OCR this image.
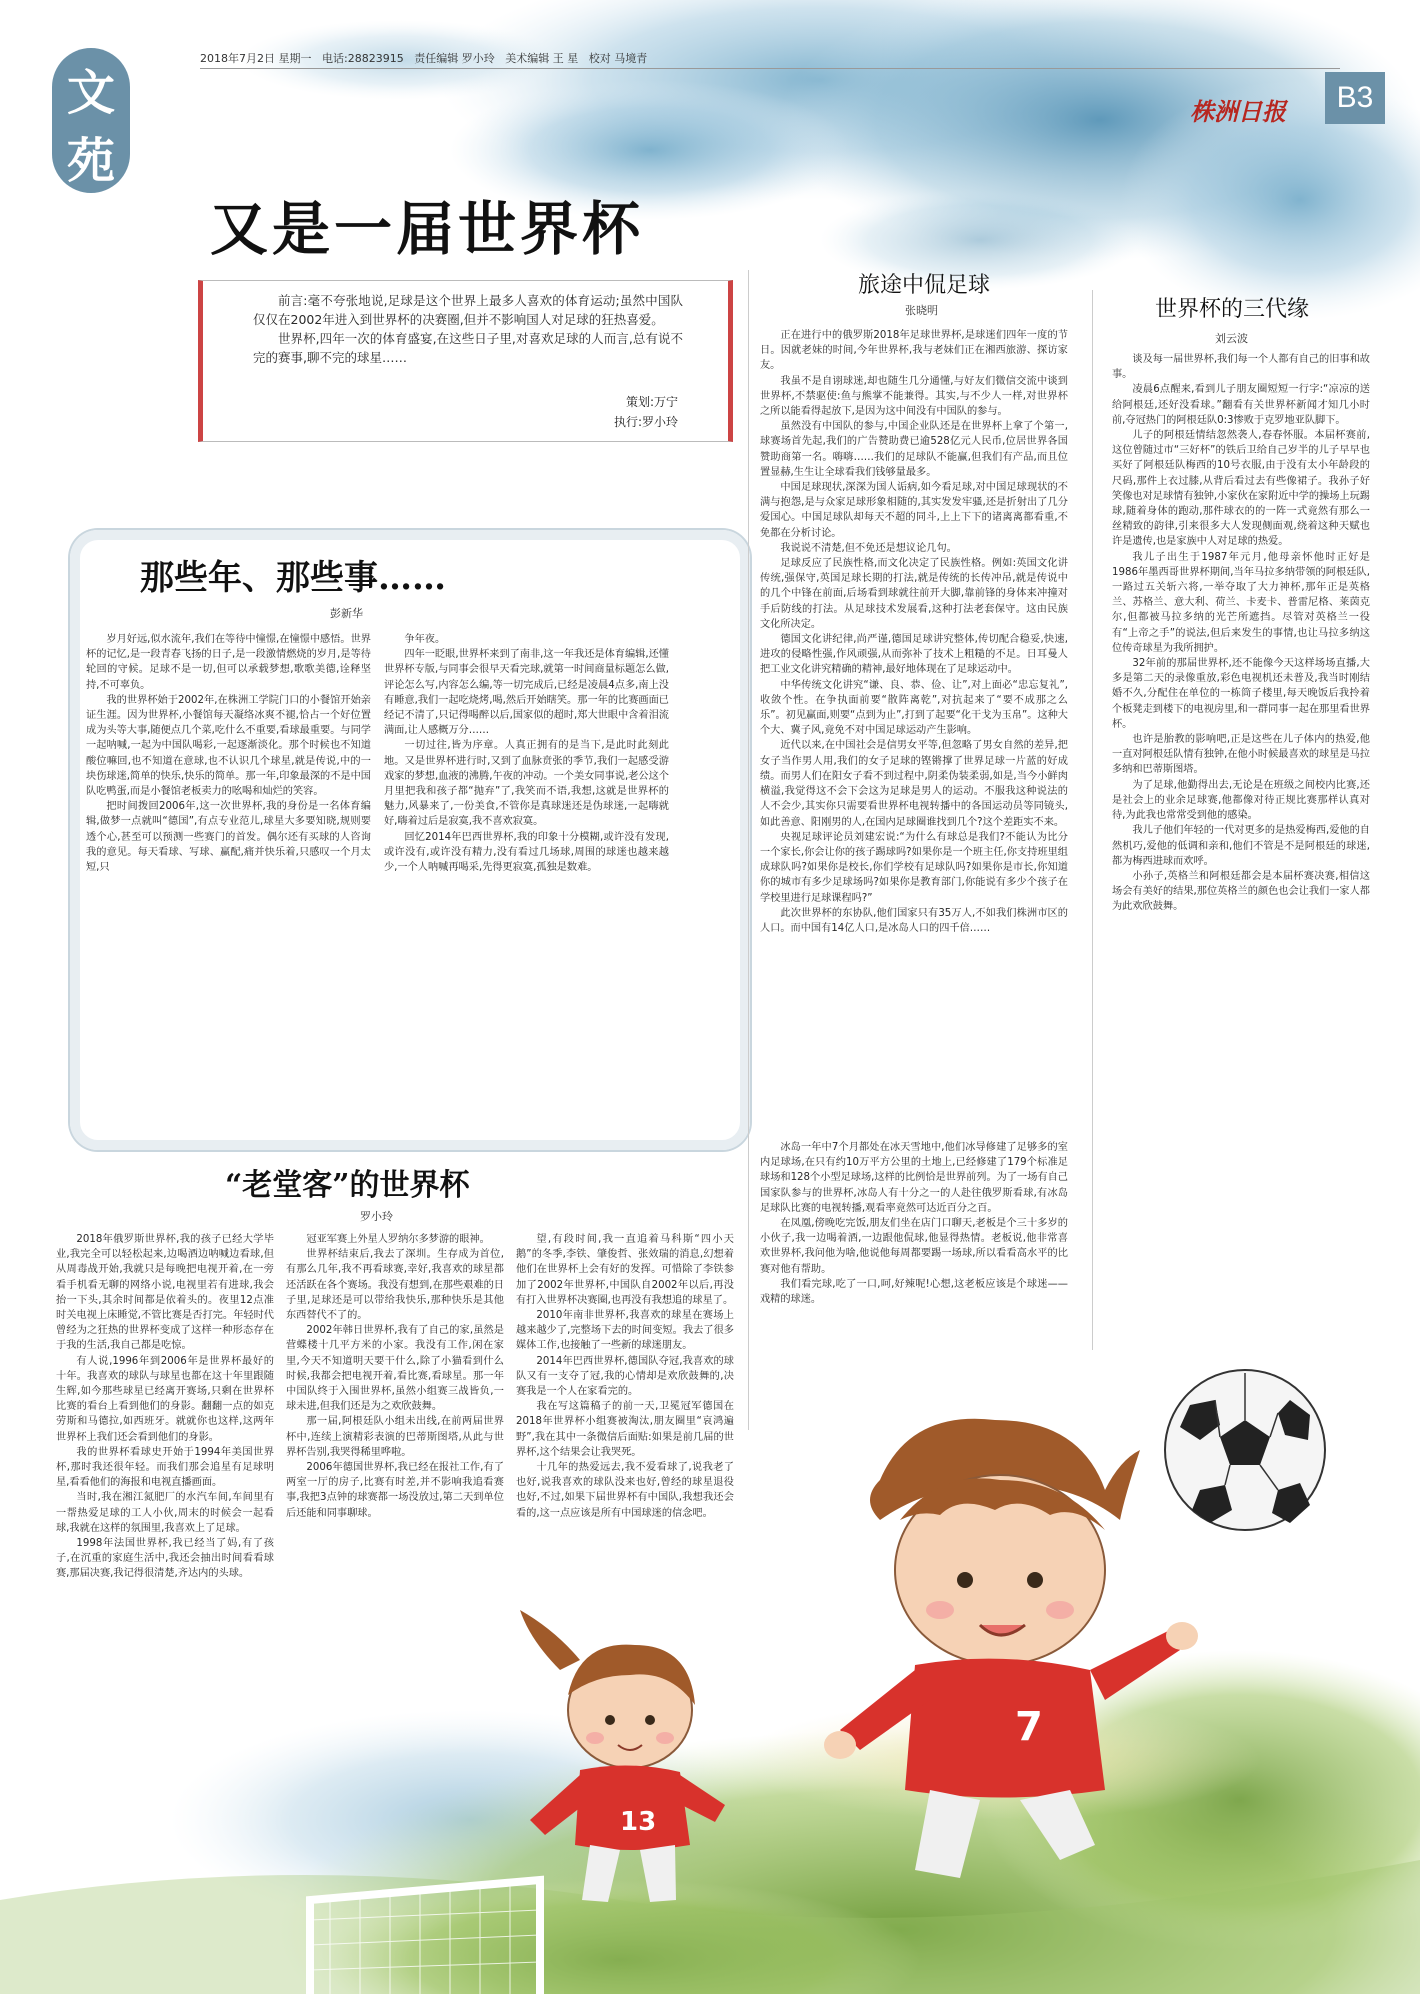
13
7
文
苑
2018年7月2日 星期一 电话:28823915 责任编辑 罗小玲 美术编辑 王 星 校对 马境青
株洲日报	B3
又是一届世界杯

前言:毫不夸张地说,足球是这个世界上最多人喜欢的体育运动;虽然中国队仅仅在2002年进入到世界杯的决赛圈,但并不影响国人对足球的狂热喜爱。

世界杯,四年一次的体育盛宴,在这些日子里,对喜欢足球的人而言,总有说不完的赛事,聊不完的球星……

策划:万宁
执行:罗小玲
那些年、那些事……
彭新华

岁月好远,似水流年,我们在等待中憧憬,在憧憬中感悟。世界杯的记忆,是一段青春飞扬的日子,是一段激情燃烧的岁月,是等待轮回的守候。足球不是一切,但可以承载梦想,歌歌美德,诠释坚持,不可辜负。

我的世界杯始于2002年,在株洲工学院门口的小餐馆开始亲证生涯。因为世界杯,小餐馆每天凝络冰爽不褪,恰占一个好位置成为头等大事,随便点几个菜,吃什么不重要,看球最重要。与同学一起呐喊,一起为中国队喝彩,一起逐渐淡化。那个时候也不知道酸位嘛回,也不知道在意球,也不认识几个球星,就是传说,中的一块伤球迷,简单的快乐,快乐的简单。那一年,印象最深的不是中国队吃鸭蛋,而是小餐馆老板卖力的吆喝和灿烂的笑容。

把时间拨回2006年,这一次世界杯,我的身份是一名体育编辑,做梦一点就叫“德国”,有点专业范儿,球星大多要知晓,规则要透个心,甚至可以预测一些赛门的首发。偶尔还有买球的人咨询我的意见。每天看球、写球、赢配,痛并快乐着,只感叹一个月太短,只

争年夜。

四年一眨眼,世界杯来到了南非,这一年我还是体育编辑,还懂世界杯专版,与同事会很早天看完球,就第一时间商量标题怎么做,评论怎么写,内容怎么编,等一切完成后,已经是凌晨4点多,南上没有睡意,我们一起吃烧烤,喝,然后开始瞎笑。那一年的比赛画面已经记不清了,只记得喝醉以后,国家似的超时,郑大世眼中含着泪流满面,让人感概万分……

一切过往,皆为序章。人真正拥有的是当下,是此时此刻此地。又是世界杯进行时,又到了血脉贲张的季节,我们一起感受游戏家的梦想,血液的沸腾,午夜的冲动。一个美女同事说,老公这个月里把我和孩子都“抛弃”了,我笑而不语,我想,这就是世界杯的魅力,风暴来了,一份美食,不管你是真球迷还是伪球迷,一起嗨就好,嗨着过后是寂寞,我不喜欢寂寞。

回忆2014年巴西世界杯,我的印象十分模糊,或许没有发现,或许没有,或许没有精力,没有看过几场球,周围的球迷也越来越少,一个人呐喊再喝采,先得更寂寞,孤独是数难。

“老堂客”的世界杯
罗小玲

2018年俄罗斯世界杯,我的孩子已经大学毕业,我完全可以轻松起来,边喝酒边呐喊边看球,但从周毒战开始,我就只是每晚把电视开着,在一旁看手机看无聊的网络小说,电视里若有进球,我会抬一下头,其余时间都是依着头的。夜里12点准时关电视上床睡觉,不管比赛是否打完。年轻时代曾经为之狂热的世界杯变成了这样一种形态存在于我的生活,我自己都是吃惊。

有人说,1996年到2006年是世界杯最好的十年。我喜欢的球队与球星也都在这十年里跟随生辉,如今那些球星已经离开赛场,只剩在世界杯比赛的看台上看到他们的身影。翻翻一点的如克劳斯和马德拉,如西班牙。就就你也这样,这两年世界杯上我们还会看到他们的身影。

我的世界杯看球史开始于1994年美国世界杯,那时我还很年轻。而我们那会追星有足球明星,看看他们的海报和电视直播画面。

当时,我在湘江氮肥厂的水汽车间,车间里有一帮热爱足球的工人小伙,周末的时候会一起看球,我就在这样的氛围里,我喜欢上了足球。

1998年法国世界杯,我已经当了妈,有了孩子,在沉重的家庭生活中,我还会抽出时间看看球赛,那届决赛,我记得很清楚,齐达内的头球。

冠亚军赛上外星人罗纳尔多梦游的眼神。

世界杯结束后,我去了深圳。生存成为首位,有那么几年,我不再看球赛,幸好,我喜欢的球星都还活跃在各个赛场。我没有想到,在那些艰难的日子里,足球还是可以带给我快乐,那种快乐是其他东西替代不了的。

2002年韩日世界杯,我有了自己的家,虽然是营蝶楼十几平方米的小家。我没有工作,闲在家里,今天不知道明天要干什么,除了小猫看到什么时候,我都会把电视开着,看比赛,看球星。那一年中国队终于入围世界杯,虽然小组赛三战皆负,一球未进,但我们还是为之欢欣鼓舞。

那一届,阿根廷队小组未出线,在前两届世界杯中,连续上演精彩表演的巴蒂斯图塔,从此与世界杯告别,我哭得稀里哗啦。

2006年德国世界杯,我已经在报社工作,有了两室一厅的房子,比赛有时差,并不影响我追看赛事,我把3点钟的球赛都一场没放过,第二天到单位后还能和同事聊球。

望,有段时间,我一直追着马科斯“四小天鹅”的冬季,李铁、肇俊哲、张效瑞的消息,幻想着他们在世界杯上会有好的发挥。可惜除了李铁参加了2002年世界杯,中国队自2002年以后,再没有打入世界杯决赛圈,也再没有我想追的球星了。

2010年南非世界杯,我喜欢的球星在赛场上越来越少了,完整场下去的时间变短。我去了很多媒体工作,也接触了一些新的球迷朋友。

2014年巴西世界杯,德国队夺冠,我喜欢的球队又有一支夺了冠,我的心情却是欢欣鼓舞的,决赛我是一个人在家看完的。

我在写这篇稿子的前一天,卫冕冠军德国在2018年世界杯小组赛被淘汰,朋友圈里“哀鸿遍野”,我在其中一条微信后面贴:如果是前几届的世界杯,这个结果会让我哭死。

十几年的热爱远去,我不爱看球了,说我老了也好,说我喜欢的球队没来也好,曾经的球星退役也好,不过,如果下届世界杯有中国队,我想我还会看的,这一点应该是所有中国球迷的信念吧。

旅途中侃足球
张晓明

正在进行中的俄罗斯2018年足球世界杯,是球迷们四年一度的节日。因就老妹的时间,今年世界杯,我与老妹们正在湘西旅游、探访家友。

我虽不是自诩球迷,却也随生几分通懂,与好友们微信交流中谈到世界杯,不禁驱使:鱼与熊掌不能兼得。其实,与不少人一样,对世界杯之所以能看得起放下,是因为这中间没有中国队的参与。

虽然没有中国队的参与,中国企业队还是在世界杯上拿了个第一,球赛场首先起,我们的广告赞助费已逾528亿元人民币,位居世界各国赞助商第一名。嗨嗨……我们的足球队不能赢,但我们有产品,而且位置显赫,生生让全球看我们钱够量最多。

中国足球现状,深深为国人诟病,如今看足球,对中国足球现状的不满与抱怨,是与众家足球形象相随的,其实发发牢骚,还是折射出了几分爱国心。中国足球队却每天不超的同斗,上上下下的诸离离都看重,不免都在分析讨论。

我说说不清楚,但不免还是想议论几句。

足球反应了民族性格,而文化决定了民族性格。例如:英国文化讲传统,强保守,英国足球长期的打法,就是传统的长传冲吊,就是传说中的几个中锋在前面,后场看到球就往前开大脚,靠前锋的身体来冲撞对手后防线的打法。从足球技术发展看,这种打法老套保守。这由民族文化所决定。

德国文化讲纪律,尚严谨,德国足球讲究整体,传切配合稳妥,快速,进攻的侵略性强,作风顽强,从而弥补了技术上粗糙的不足。日耳曼人把工业文化讲究精确的精神,最好地体现在了足球运动中。

中华传统文化讲究“谦、良、恭、俭、让”,对上面必“忠忘复礼”,收敛个性。在争执面前要“散阵离乾”,对抗起来了“要不成那之么乐”。初见赢面,则要“点到为止”,打到了起要“化干戈为玉帛”。这种大个大、冀子风,竟免不对中国足球运动产生影响。

近代以来,在中国社会是信男女平等,但忽略了男女自然的差异,把女子当作男人用,我们的女子足球的铿锵撑了世界足球一片蓝的好成绩。而男人们在阳女子看不到过程中,阴柔伪装柔弱,如是,当今小鲜肉横溢,我觉得这不会下会这为足球是男人的运动。不服我这种说法的人不会少,其实你只需要看世界杯电视转播中的各国运动员等同镜头,如此善意、阳刚男的人,在国内足球圈谁找到几个?这个差距实不来。

央视足球评论员刘建宏说:“为什么有球总是我们?不能认为比分一个家长,你会让你的孩子踢球吗?如果你是一个班主任,你支持班里组成球队吗?如果你是校长,你们学校有足球队吗?如果你是市长,你知道你的城市有多少足球场吗?如果你是教育部门,你能说有多少个孩子在学校里进行足球课程吗?”

此次世界杯的东协队,他们国家只有35万人,不如我们株洲市区的人口。而中国有14亿人口,是冰岛人口的四千倍……

冰岛一年中7个月都处在冰天雪地中,他们冰导修建了足够多的室内足球场,在只有约10万平方公里的土地上,已经修建了179个标准足球场和128个小型足球场,这样的比例恰是世界前列。为了一场有自己国家队参与的世界杯,冰岛人有十分之一的人赴往俄罗斯看球,有冰岛足球队比赛的电视转播,观看率竟然可达近百分之百。

在凤凰,傍晚吃完饭,朋友们坐在店门口聊天,老板是个三十多岁的小伙子,我一边喝着酒,一边跟他侃球,他显得热情。老板说,他非常喜欢世界杯,我问他为啥,他说他每周都要踢一场球,所以看看高水平的比赛对他有帮助。

我们看完球,吃了一口,呵,好辣呢!心想,这老板应该是个球迷——戏精的球迷。

世界杯的三代缘
刘云波

谈及每一届世界杯,我们每一个人都有自己的旧事和故事。

凌晨6点醒来,看到儿子朋友圈短短一行字:“凉凉的送给阿根廷,还好没看球。”翻看有关世界杯新闻才知几小时前,夺冠热门的阿根廷队0:3惨败于克罗地亚队脚下。

儿子的阿根廷情结忽然袭人,春春怀服。本届杯赛前,这位曾随过市“三好杯”的铁后卫给自己岁半的儿子早早也买好了阿根廷队梅西的10号衣服,由于没有太小年龄段的尺码,那件上衣过膝,从背后看过去有些像裙子。我孙子好笑像也对足球情有独钟,小家伙在家附近中学的操场上玩踢球,随着身体的跑动,那件球衣的的一阵一式竟然有那么一丝精致的韵律,引来很多大人发现侧面观,绕着这种天赋也许是遗传,也是家族中人对足球的热爱。

我儿子出生于1987年元月,他母亲怀他时正好是1986年墨西哥世界杯期间,当年马拉多纳带领的阿根廷队,一路过五关斩六将,一举夺取了大力神杯,那年正是英格兰、苏格兰、意大利、荷兰、卡麦卡、普雷尼格、莱茵克尔,但都被马拉多纳的光芒所遮挡。尽管对英格兰一役有“上帝之手”的说法,但后来发生的事情,也让马拉多纳这位传奇球星为我所拥护。

32年前的那届世界杯,还不能像今天这样场场直播,大多是第二天的录像重放,彩色电视机还未普及,我当时刚结婚不久,分配住在单位的一栋筒子楼里,每天晚饭后我拎着个板凳走到楼下的电视房里,和一群同事一起在那里看世界杯。

也许是胎教的影响吧,正是这些在儿子体内的热爱,他一直对阿根廷队情有独钟,在他小时候最喜欢的球星是马拉多纳和巴蒂斯图塔。

为了足球,他勤得出去,无论是在班级之间校内比赛,还是社会上的业余足球赛,他都像对待正规比赛那样认真对待,为此我也常常受到他的感染。

我儿子他们年轻的一代对更多的是热爱梅西,爱他的自然机巧,爱他的低调和亲和,他们不管是不是阿根廷的球迷,都为梅西进球而欢呼。

小孙子,英格兰和阿根廷都会是本届杯赛决赛,相信这场会有美好的结果,那位英格兰的颜色也会让我们一家人都为此欢欣鼓舞。
